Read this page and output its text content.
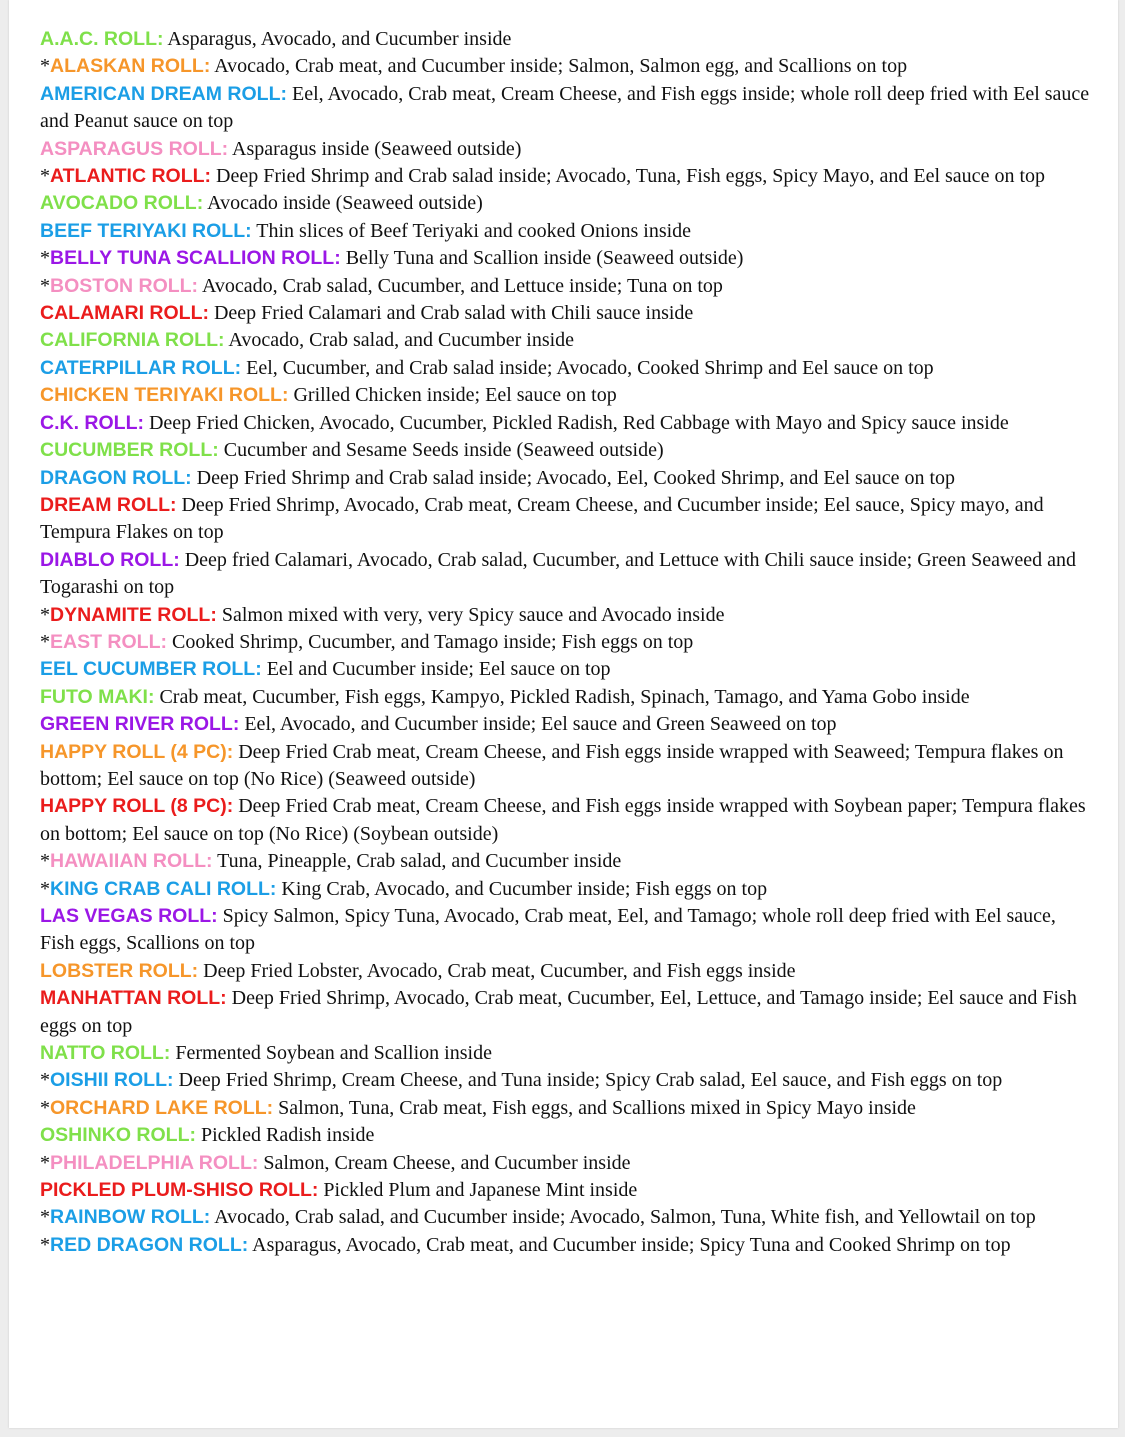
A.A.C. ROLL: Asparagus, Avocado, and Cucumber inside
*ALASKAN ROLL: Avocado, Crab meat, and Cucumber inside; Salmon, Salmon egg, and Scallions on top
AMERICAN DREAM ROLL: Eel, Avocado, Crab meat, Cream Cheese, and Fish eggs inside; whole roll deep fried with Eel sauce and Peanut sauce on top
ASPARAGUS ROLL: Asparagus inside (Seaweed outside)
*ATLANTIC ROLL: Deep Fried Shrimp and Crab salad inside; Avocado, Tuna, Fish eggs, Spicy Mayo, and Eel sauce on top
AVOCADO ROLL: Avocado inside (Seaweed outside)
BEEF TERIYAKI ROLL: Thin slices of Beef Teriyaki and cooked Onions inside
*BELLY TUNA SCALLION ROLL: Belly Tuna and Scallion inside (Seaweed outside)
*BOSTON ROLL: Avocado, Crab salad, Cucumber, and Lettuce inside; Tuna on top
CALAMARI ROLL: Deep Fried Calamari and Crab salad with Chili sauce inside
CALIFORNIA ROLL: Avocado, Crab salad, and Cucumber inside
CATERPILLAR ROLL: Eel, Cucumber, and Crab salad inside; Avocado, Cooked Shrimp and Eel sauce on top
CHICKEN TERIYAKI ROLL: Grilled Chicken inside; Eel sauce on top
C.K. ROLL: Deep Fried Chicken, Avocado, Cucumber, Pickled Radish, Red Cabbage with Mayo and Spicy sauce inside
CUCUMBER ROLL: Cucumber and Sesame Seeds inside (Seaweed outside)
DRAGON ROLL: Deep Fried Shrimp and Crab salad inside; Avocado, Eel, Cooked Shrimp, and Eel sauce on top
DREAM ROLL: Deep Fried Shrimp, Avocado, Crab meat, Cream Cheese, and Cucumber inside; Eel sauce, Spicy mayo, and Tempura Flakes on top
DIABLO ROLL: Deep fried Calamari, Avocado, Crab salad, Cucumber, and Lettuce with Chili sauce inside; Green Seaweed and Togarashi on top
*DYNAMITE ROLL: Salmon mixed with very, very Spicy sauce and Avocado inside
*EAST ROLL: Cooked Shrimp, Cucumber, and Tamago inside; Fish eggs on top
EEL CUCUMBER ROLL: Eel and Cucumber inside; Eel sauce on top
FUTO MAKI: Crab meat, Cucumber, Fish eggs, Kampyo, Pickled Radish, Spinach, Tamago, and Yama Gobo inside
GREEN RIVER ROLL: Eel, Avocado, and Cucumber inside; Eel sauce and Green Seaweed on top
HAPPY ROLL (4 PC): Deep Fried Crab meat, Cream Cheese, and Fish eggs inside wrapped with Seaweed; Tempura flakes on bottom; Eel sauce on top (No Rice) (Seaweed outside)
HAPPY ROLL (8 PC): Deep Fried Crab meat, Cream Cheese, and Fish eggs inside wrapped with Soybean paper; Tempura flakes on bottom; Eel sauce on top (No Rice) (Soybean outside)
*HAWAIIAN ROLL: Tuna, Pineapple, Crab salad, and Cucumber inside
*KING CRAB CALI ROLL: King Crab, Avocado, and Cucumber inside; Fish eggs on top
LAS VEGAS ROLL: Spicy Salmon, Spicy Tuna, Avocado, Crab meat, Eel, and Tamago; whole roll deep fried with Eel sauce, Fish eggs, Scallions on top
LOBSTER ROLL: Deep Fried Lobster, Avocado, Crab meat, Cucumber, and Fish eggs inside
MANHATTAN ROLL: Deep Fried Shrimp, Avocado, Crab meat, Cucumber, Eel, Lettuce, and Tamago inside; Eel sauce and Fish eggs on top
NATTO ROLL: Fermented Soybean and Scallion inside
*OISHII ROLL: Deep Fried Shrimp, Cream Cheese, and Tuna inside; Spicy Crab salad, Eel sauce, and Fish eggs on top
*ORCHARD LAKE ROLL: Salmon, Tuna, Crab meat, Fish eggs, and Scallions mixed in Spicy Mayo inside
OSHINKO ROLL: Pickled Radish inside
*PHILADELPHIA ROLL: Salmon, Cream Cheese, and Cucumber inside
PICKLED PLUM-SHISO ROLL: Pickled Plum and Japanese Mint inside
*RAINBOW ROLL: Avocado, Crab salad, and Cucumber inside; Avocado, Salmon, Tuna, White fish, and Yellowtail on top
*RED DRAGON ROLL: Asparagus, Avocado, Crab meat, and Cucumber inside; Spicy Tuna and Cooked Shrimp on top
